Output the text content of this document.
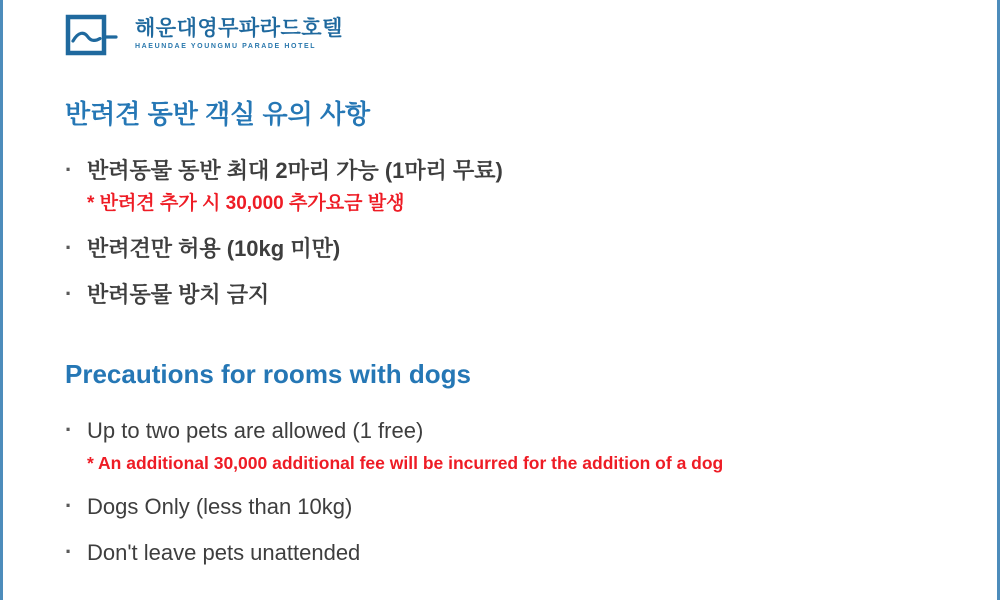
해운대영무파라드호텔
HAEUNDAE YOUNGMU PARADE HOTEL
반려견 동반 객실 유의 사항
·
반려동물 동반 최대 2마리 가능 (1마리 무료)
* 반려견 추가 시 30,000 추가요금 발생
·
반려견만 허용 (10kg 미만)
·
반려동물 방치 금지
Precautions for rooms with dogs
·
Up to two pets are allowed (1 free)
* An additional 30,000 additional fee will be incurred for the addition of a dog
·
Dogs Only (less than 10kg)
·
Don't leave pets unattended
